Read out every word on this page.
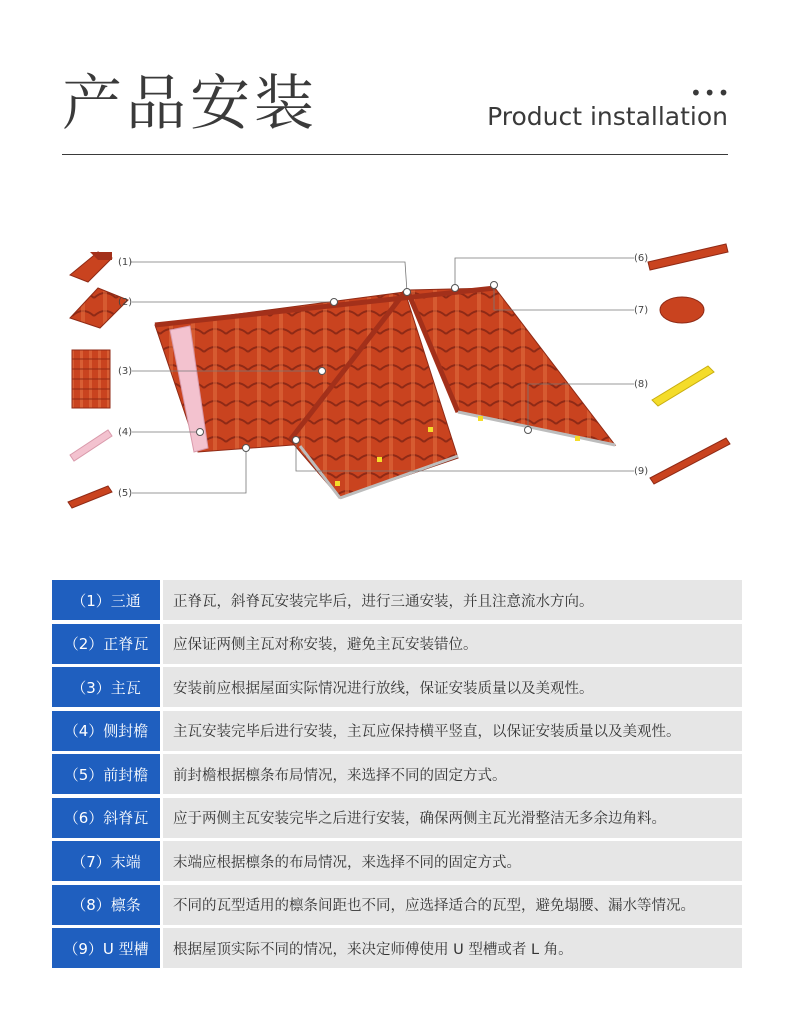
产品安装	•••
Product installation
(1)
(2)
(3)
(4)
(5)
(6)
(7)
(8)
(9)
（1）三通	正脊瓦，斜脊瓦安装完毕后，进行三通安装，并且注意流水方向。
（2）正脊瓦	应保证两侧主瓦对称安装，避免主瓦安装错位。
（3）主瓦	安装前应根据屋面实际情况进行放线，保证安装质量以及美观性。
（4）侧封檐	主瓦安装完毕后进行安装，主瓦应保持横平竖直，以保证安装质量以及美观性。
（5）前封檐	前封檐根据檩条布局情况，来选择不同的固定方式。
（6）斜脊瓦	应于两侧主瓦安装完毕之后进行安装，确保两侧主瓦光滑整洁无多余边角料。
（7）末端	末端应根据檩条的布局情况，来选择不同的固定方式。
（8）檩条	不同的瓦型适用的檩条间距也不同，应选择适合的瓦型，避免塌腰、漏水等情况。
（9）U 型槽	根据屋顶实际不同的情况，来决定师傅使用 U 型槽或者 L 角。
